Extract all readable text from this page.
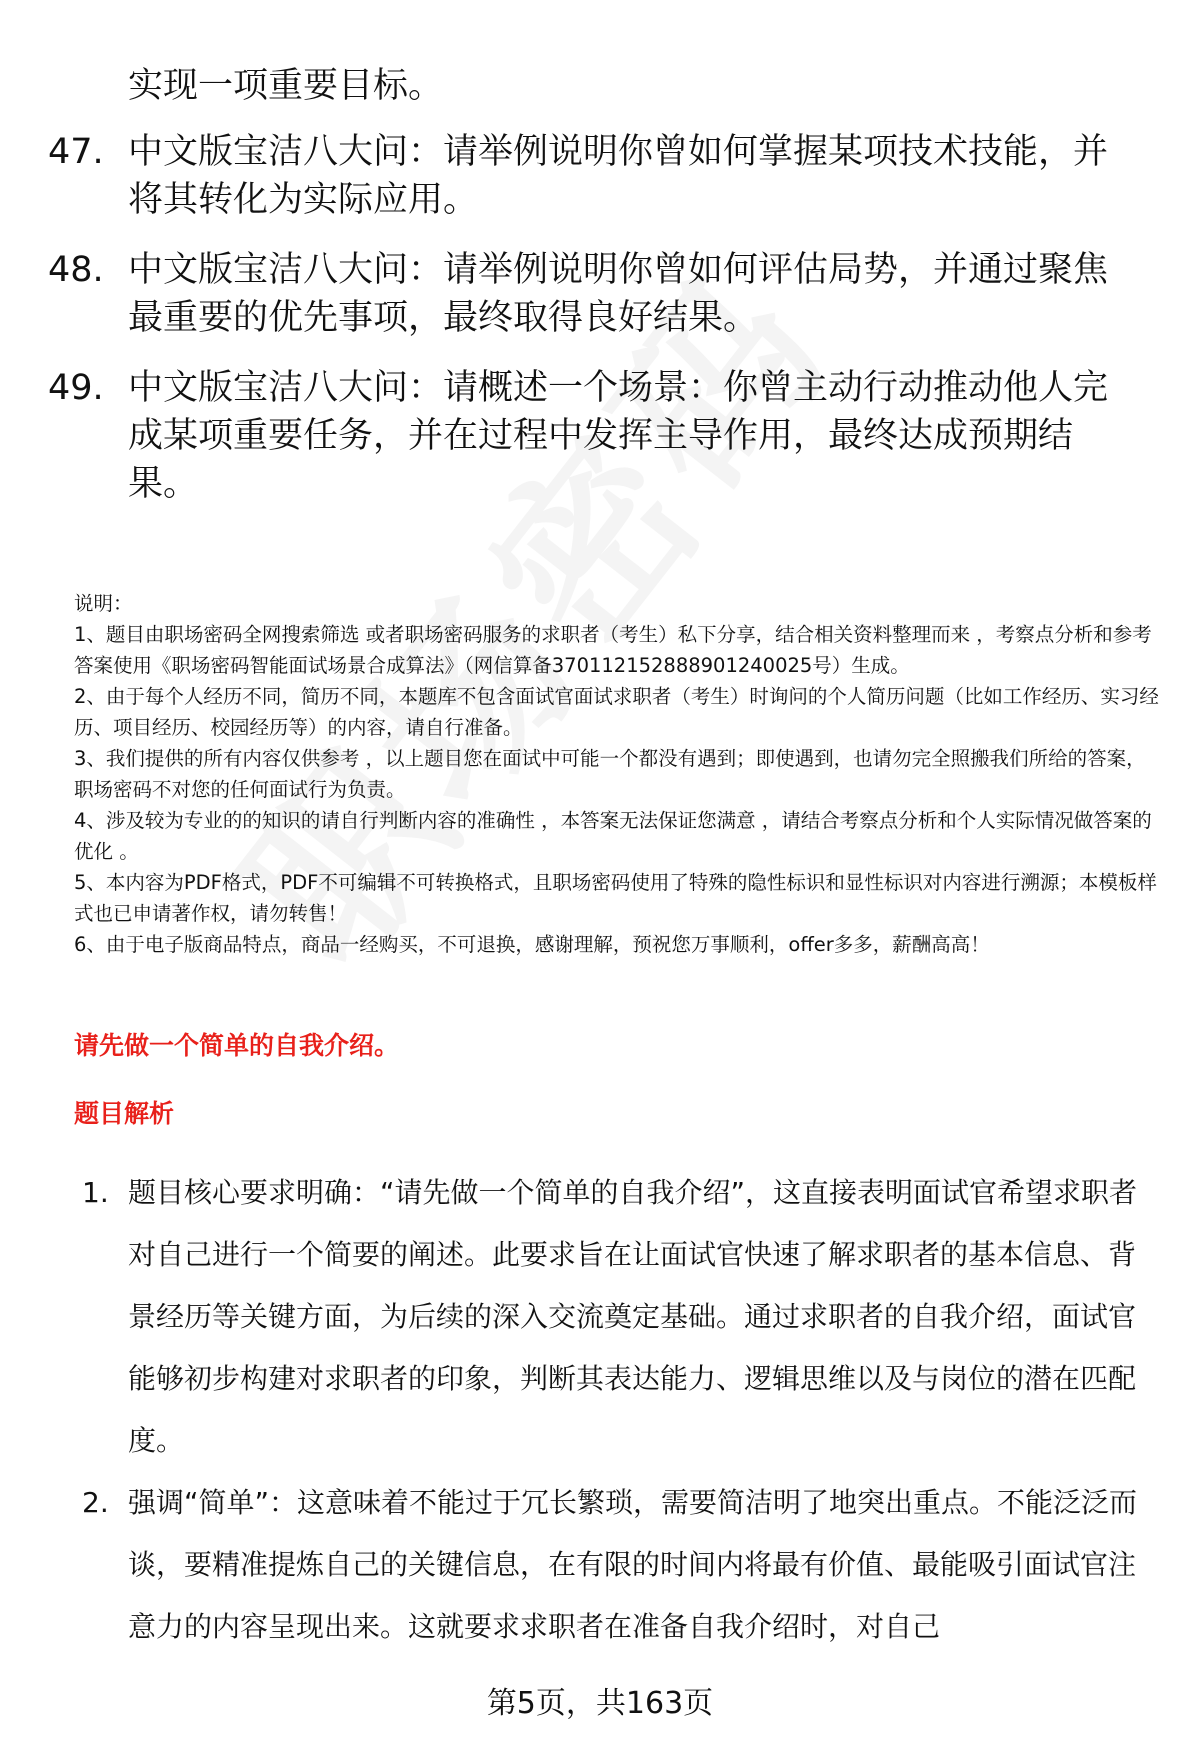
实现一项重要目标。
47. 中文版宝洁八大问：请举例说明你曾如何掌握某项技术技能，并将其转化为实际应用。
48. 中文版宝洁八大问：请举例说明你曾如何评估局势，并通过聚焦最重要的优先事项，最终取得良好结果。
49. 中文版宝洁八大问：请概述一个场景：你曾主动行动推动他人完成某项重要任务，并在过程中发挥主导作用，最终达成预期结果。
说明：
1、题目由职场密码全网搜索筛选 或者职场密码服务的求职者（考生）私下分享，结合相关资料整理而来 ，考察点分析和参考答案使用《职场密码智能面试场景合成算法》（网信算备370112152888901240025号）生成。
2、由于每个人经历不同，简历不同，本题库不包含面试官面试求职者（考生）时询问的个人简历问题（比如工作经历、实习经历、项目经历、校园经历等）的内容，请自行准备。
3、我们提供的所有内容仅供参考 ，以上题目您在面试中可能一个都没有遇到；即使遇到，也请勿完全照搬我们所给的答案，职场密码不对您的任何面试行为负责。
4、涉及较为专业的的知识的请自行判断内容的准确性 ，本答案无法保证您满意 ，请结合考察点分析和个人实际情况做答案的优化 。
5、本内容为PDF格式，PDF不可编辑不可转换格式，且职场密码使用了特殊的隐性标识和显性标识对内容进行溯源；本模板样式也已申请著作权，请勿转售！
6、由于电子版商品特点，商品一经购买，不可退换，感谢理解，预祝您万事顺利，offer多多，薪酬高高！
请先做一个简单的自我介绍。
题目解析
1. 题目核心要求明确：“请先做一个简单的自我介绍”，这直接表明面试官希望求职者对自己进行一个简要的阐述。此要求旨在让面试官快速了解求职者的基本信息、背景经历等关键方面，为后续的深入交流奠定基础。通过求职者的自我介绍，面试官能够初步构建对求职者的印象，判断其表达能力、逻辑思维以及与岗位的潜在匹配度。
2. 强调“简单”：这意味着不能过于冗长繁琐，需要简洁明了地突出重点。不能泛泛而谈，要精准提炼自己的关键信息，在有限的时间内将最有价值、最能吸引面试官注意力的内容呈现出来。这就要求求职者在准备自我介绍时，对自己
第5页，共163页
